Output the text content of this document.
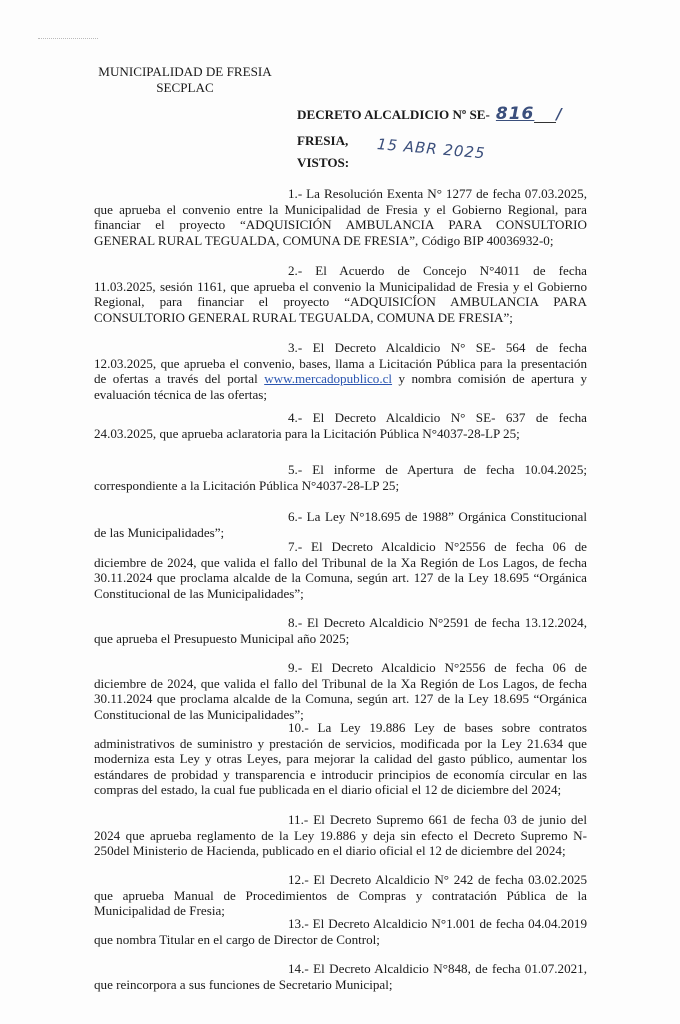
MUNICIPALIDAD DE FRESIA
SECPLAC
DECRETO ALCALDICIO Nº SE- 816 /
FRESIA, 15 ABR 2025
VISTOS:

1.- La Resolución Exenta N° 1277 de fecha 07.03.2025,

que aprueba el convenio entre la Municipalidad de Fresia y el Gobierno Regional, para

financiar el proyecto “ADQUISICIÓN AMBULANCIA PARA CONSULTORIO

GENERAL RURAL TEGUALDA, COMUNA DE FRESIA”, Código BIP 40036932-0;

2.- El Acuerdo de Concejo N°4011 de fecha

11.03.2025, sesión 1161, que aprueba el convenio la Municipalidad de Fresia y el Gobierno

Regional, para financiar el proyecto “ADQUISICÍON AMBULANCIA PARA

CONSULTORIO GENERAL RURAL TEGUALDA, COMUNA DE FRESIA”;

3.- El Decreto Alcaldicio N° SE- 564 de fecha

12.03.2025, que aprueba el convenio, bases, llama a Licitación Pública para la presentación

de ofertas a través del portal www.mercadopublico.cl y nombra comisión de apertura y

evaluación técnica de las ofertas;

4.- El Decreto Alcaldicio N° SE- 637 de fecha

24.03.2025, que aprueba aclaratoria para la Licitación Pública N°4037-28-LP 25;

5.- El informe de Apertura de fecha 10.04.2025;

correspondiente a la Licitación Pública N°4037-28-LP 25;

6.- La Ley N°18.695 de 1988” Orgánica Constitucional

de las Municipalidades”;

7.- El Decreto Alcaldicio N°2556 de fecha 06 de

diciembre de 2024, que valida el fallo del Tribunal de la Xa Región de Los Lagos, de fecha

30.11.2024 que proclama alcalde de la Comuna, según art. 127 de la Ley 18.695 “Orgánica

Constitucional de las Municipalidades”;

8.- El Decreto Alcaldicio N°2591 de fecha 13.12.2024,

que aprueba el Presupuesto Municipal año 2025;

9.- El Decreto Alcaldicio N°2556 de fecha 06 de

diciembre de 2024, que valida el fallo del Tribunal de la Xa Región de Los Lagos, de fecha

30.11.2024 que proclama alcalde de la Comuna, según art. 127 de la Ley 18.695 “Orgánica

Constitucional de las Municipalidades”;

10.- La Ley 19.886 Ley de bases sobre contratos

administrativos de suministro y prestación de servicios, modificada por la Ley 21.634 que

moderniza esta Ley y otras Leyes, para mejorar la calidad del gasto público, aumentar los

estándares de probidad y transparencia e introducir principios de economía circular en las

compras del estado, la cual fue publicada en el diario oficial el 12 de diciembre del 2024;

11.- El Decreto Supremo 661 de fecha 03 de junio del

2024 que aprueba reglamento de la Ley 19.886 y deja sin efecto el Decreto Supremo N-

250del Ministerio de Hacienda, publicado en el diario oficial el 12 de diciembre del 2024;

12.- El Decreto Alcaldicio N° 242 de fecha 03.02.2025

que aprueba Manual de Procedimientos de Compras y contratación Pública de la

Municipalidad de Fresia;

13.- El Decreto Alcaldicio N°1.001 de fecha 04.04.2019

que nombra Titular en el cargo de Director de Control;

14.- El Decreto Alcaldicio N°848, de fecha 01.07.2021,

que reincorpora a sus funciones de Secretario Municipal;
